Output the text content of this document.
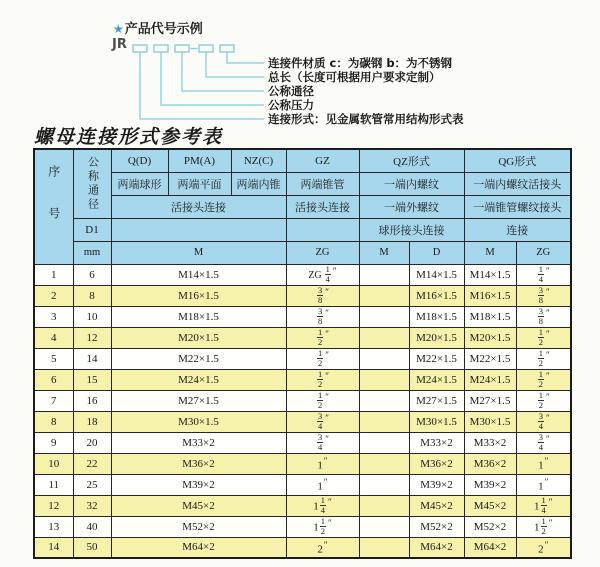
★产品代号示例
JR
连接件材质 c：为碳钢 b：为不锈钢
总长（长度可根据用户要求定制）
公称通径
公称压力
连接形式：见金属软管常用结构形式表
螺母连接形式参考表
序号	公称通径	Q(D)	PM(A)	NZ(C)	GZ	QZ形式		QG形式	
		两端球形	两端平面	两端内锥	两端锥管	一端内螺纹		一端内螺纹活接头	
		活接头连接			活接头连接	一端外螺纹		一端锥管螺纹接头	
	D1					球形接头连接		连接	
	mm	M			ZG	M	D	M	ZG
1	6	M14×1.5			ZG $\frac{1}{4} ''$		M14×1.5	M14×1.5	$\frac{1}{4} ''$
2	8	M16×1.5			$\frac{3}{8} ''$		M16×1.5	M16×1.5	$\frac{3}{8} ''$
3	10	M18×1.5			$\frac{3}{8} ''$		M18×1.5	M18×1.5	$\frac{3}{8} ''$
4	12	M20×1.5			$\frac{1}{2} ''$		M20×1.5	M20×1.5	$\frac{1}{2} ''$
5	14	M22×1.5			$\frac{1}{2} ''$		M22×1.5	M22×1.5	$\frac{1}{2} ''$
6	15	M24×1.5			$\frac{1}{2} ''$		M24×1.5	M24×1.5	$\frac{1}{2} ''$
7	16	M27×1.5			$\frac{1}{2} ''$		M27×1.5	M27×1.5	$\frac{1}{2} ''$
8	18	M30×1.5			$\frac{3}{4} ''$		M30×1.5	M30×1.5	$\frac{3}{4} ''$
9	20	M33×2			$\frac{3}{4} ''$		M33×2	M33×2	$\frac{3}{4} ''$
10	22	M36×2			1″		M36×2	M36×2	1″
11	25	M39×2			1″		M39×2	M39×2	1″
12	32	M45×2			$1 \frac{1}{4} ''$		M45×2	M45×2	$1 \frac{1}{4} ''$
13	40	M52×2			$1 \frac{1}{2} ''$		M52×2	M52×2	$1 \frac{1}{2} ''$
14	50	M64×2			2″		M64×2	M64×2	2″
